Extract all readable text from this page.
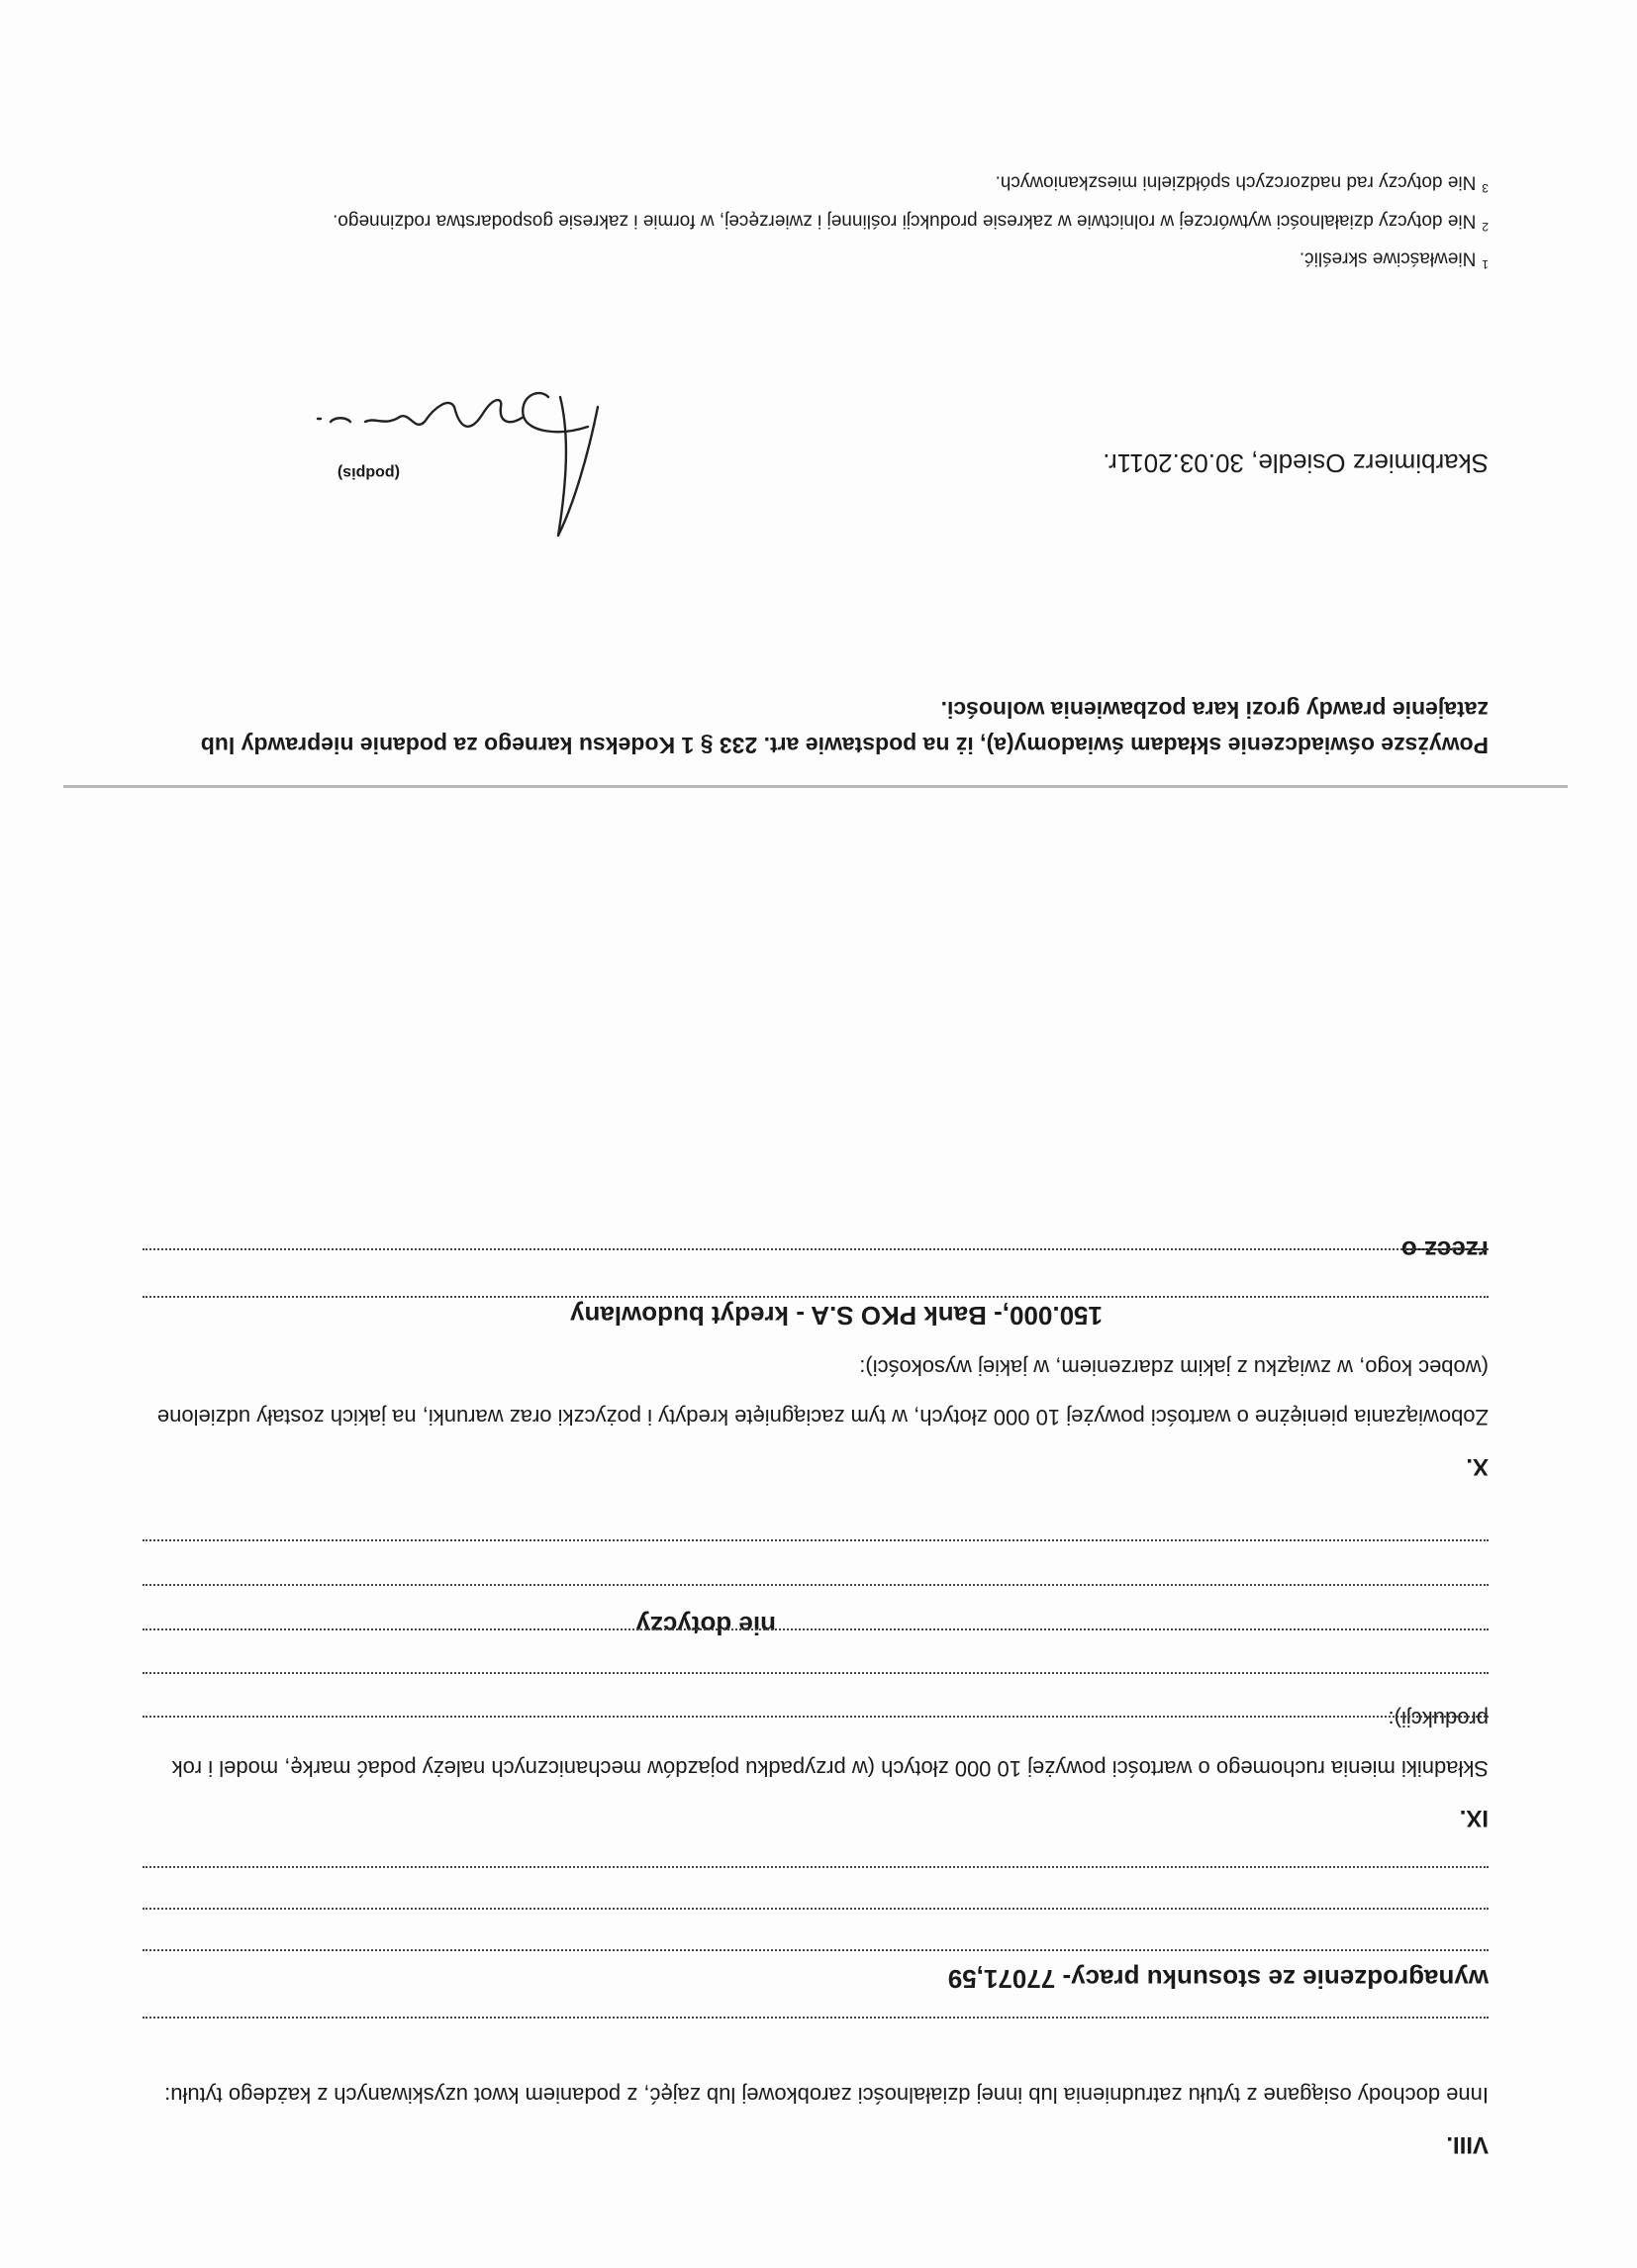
VIII.
Inne dochody osiągane z tytułu zatrudnienia lub innej działalności zarobkowej lub zajęć, z podaniem kwot uzyskiwanych z każdego tytułu:
wynagrodzenie ze stosunku pracy- 77071,59
IX.
Składniki mienia ruchomego o wartości powyżej 10 000 złotych (w przypadku pojazdów mechanicznych należy podać markę, model i rok produkcji):
nie dotyczy
X.
Zobowiązania pieniężne o wartości powyżej 10 000 złotych, w tym zaciągnięte kredyty i pożyczki oraz warunki, na jakich zostały udzielone (wobec kogo, w związku z jakim zdarzeniem, w jakiej wysokości):
150.000,- Bank PKO S.A - kredyt budowlany
rzecz o
Powyższe oświadczenie składam świadomy(a), iż na podstawie art. 233 § 1 Kodeksu karnego za podanie nieprawdy lub zatajenie prawdy grozi kara pozbawienia wolności.
Skarbimierz Osiedle, 30.03.2011r.
(podpis)
$^1$Niewłaściwe skreślić.
$^2$Nie dotyczy działalności wytwórczej w rolnictwie w zakresie produkcji roślinnej i zwierzęcej, w formie i zakresie gospodarstwa rodzinnego.
$^3$Nie dotyczy rad nadzorczych spółdzielni mieszkaniowych.
